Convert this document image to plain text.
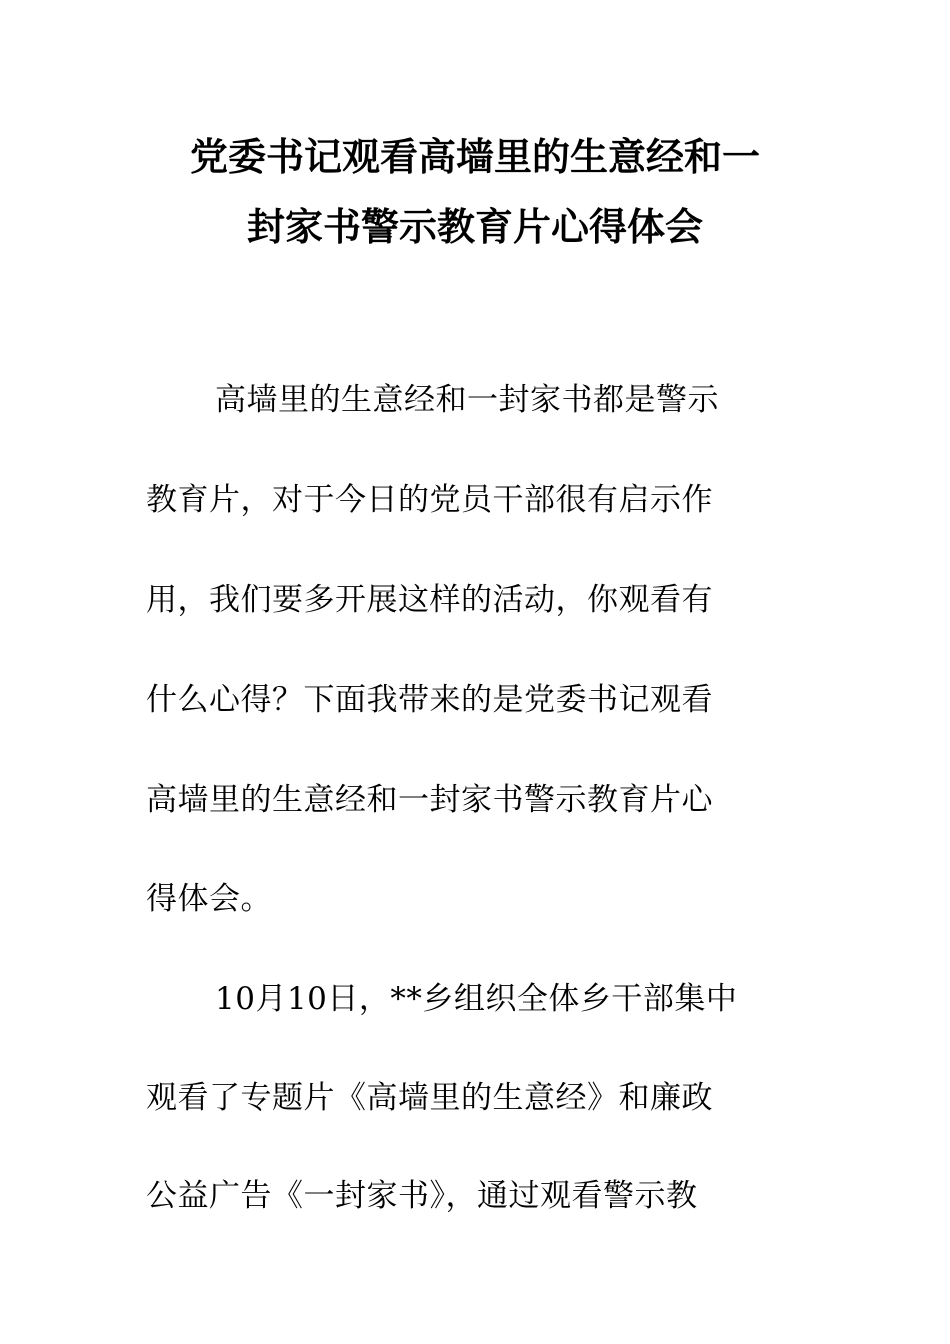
党委书记观看高墙里的生意经和一
封家书警示教育片心得体会
高墙里的生意经和一封家书都是警示
教育片，对于今日的党员干部很有启示作
用，我们要多开展这样的活动，你观看有
什么心得？下面我带来的是党委书记观看
高墙里的生意经和一封家书警示教育片心
得体会。
10月10日，**乡组织全体乡干部集中
观看了专题片《高墙里的生意经》和廉政
公益广告《一封家书》，通过观看警示教
